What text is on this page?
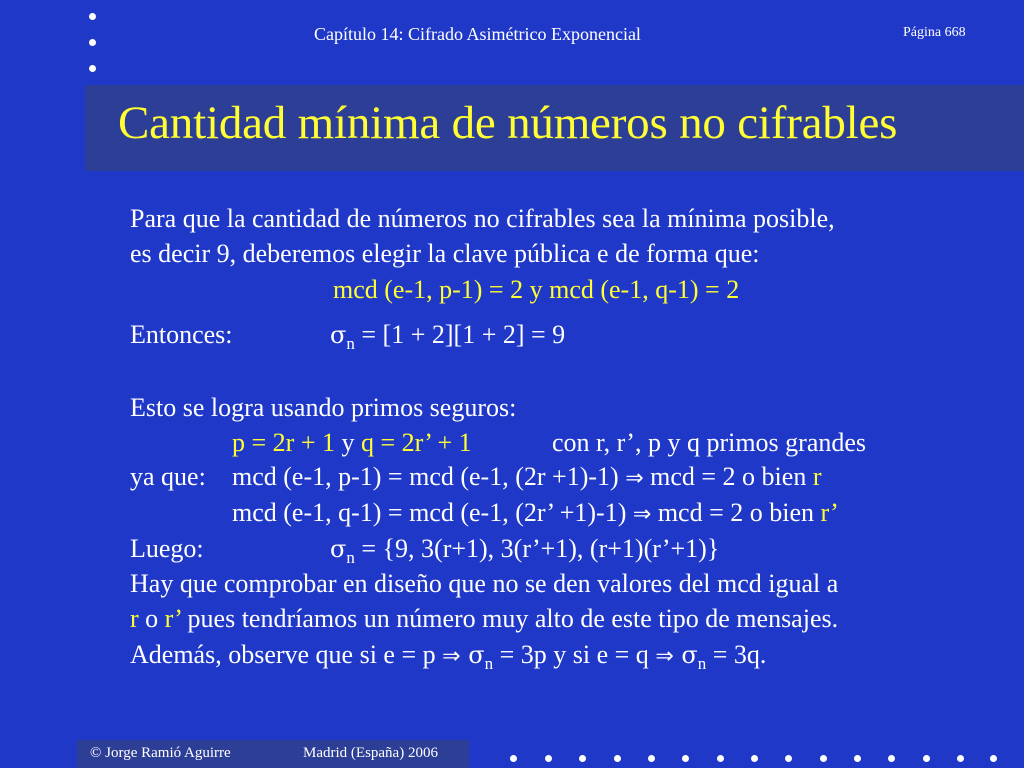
Capítulo 14: Cifrado Asimétrico Exponencial	Página 668
Cantidad mínima de números no cifrables
Para que la cantidad de números no cifrables sea la mínima posible,
es decir 9, deberemos elegir la clave pública e de forma que:
mcd (e-1, p-1) = 2 y mcd (e-1, q-1) = 2
Entonces:	$\sigma_n = [1 + 2][1 + 2] = 9$
Esto se logra usando primos seguros:
p = 2r + 1 y q = 2r’ + 1	con r, r’, p y q primos grandes
ya que: mcd (e-1, p-1) = mcd (e-1, (2r +1)-1) ⇒ mcd = 2 o bien r
mcd (e-1, q-1) = mcd (e-1, (2r’ +1)-1) ⇒ mcd = 2 o bien r’
Luego:	$\sigma_n = \{9$, 3(r+1), 3(r’+1), (r+1)(r’+1)}
Hay que comprobar en diseño que no se den valores del mcd igual a
r o r’ pues tendríamos un número muy alto de este tipo de mensajes.
Además, observe que si e = p ⇒ $\sigma_n = 3p$ y si e = q ⇒ $\sigma_n = 3q$.
© Jorge Ramió Aguirre	Madrid (España) 2006
